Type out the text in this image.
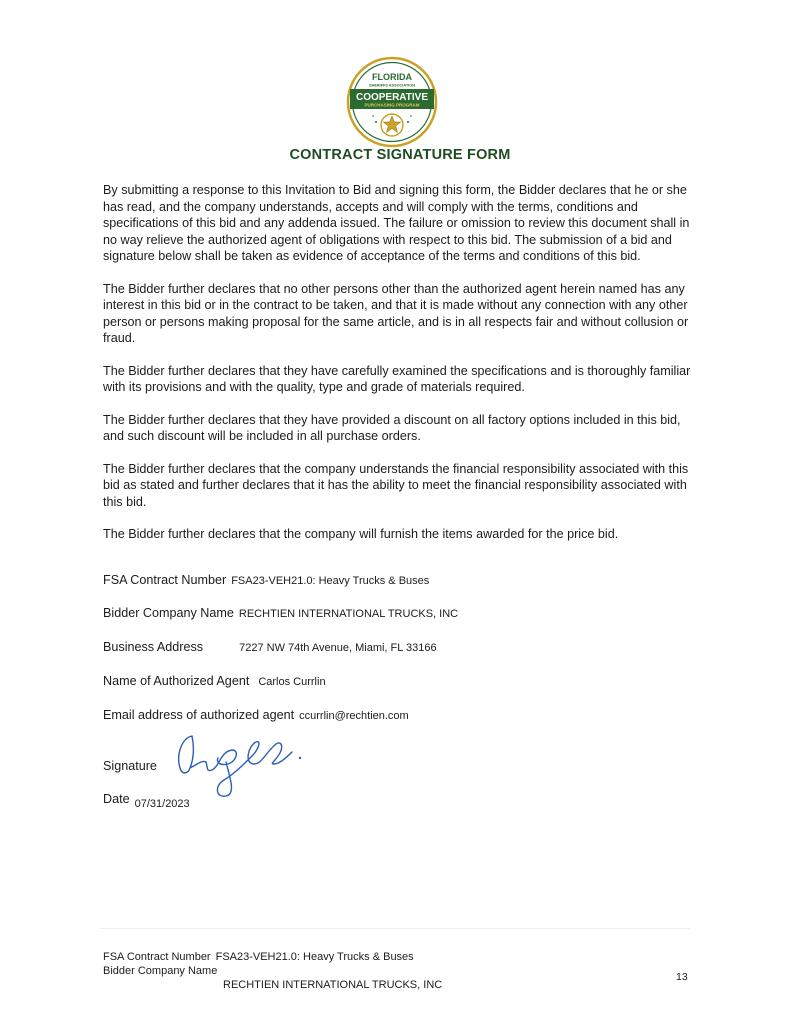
FLORIDA
SHERIFFS ASSOCIATION
COOPERATIVE
PURCHASING PROGRAM
CONTRACT SIGNATURE FORM

By submitting a response to this Invitation to Bid and signing this form, the Bidder declares that he or she has read, and the company understands, accepts and will comply with the terms, conditions and specifications of this bid and any addenda issued. The failure or omission to review this document shall in no way relieve the authorized agent of obligations with respect to this bid. The submission of a bid and signature below shall be taken as evidence of acceptance of the terms and conditions of this bid.

The Bidder further declares that no other persons other than the authorized agent herein named has any interest in this bid or in the contract to be taken, and that it is made without any connection with any other person or persons making proposal for the same article, and is in all respects fair and without collusion or fraud.

The Bidder further declares that they have carefully examined the specifications and is thoroughly familiar with its provisions and with the quality, type and grade of materials required.

The Bidder further declares that they have provided a discount on all factory options included in this bid, and such discount will be included in all purchase orders.

The Bidder further declares that the company understands the financial responsibility associated with this bid as stated and further declares that it has the ability to meet the financial responsibility associated with this bid.

The Bidder further declares that the company will furnish the items awarded for the price bid.

FSA Contract Number FSA23-VEH21.0: Heavy Trucks & Buses
Bidder Company Name RECHTIEN INTERNATIONAL TRUCKS, INC
Business Address	7227 NW 74th Avenue, Miami, FL 33166
Name of Authorized Agent Carlos Currlin
Email address of authorized agent ccurrlin@rechtien.com
Signature
Date 07/31/2023
FSA Contract Number FSA23-VEH21.0: Heavy Trucks & Buses
Bidder Company Name
RECHTIEN INTERNATIONAL TRUCKS, INC
13
